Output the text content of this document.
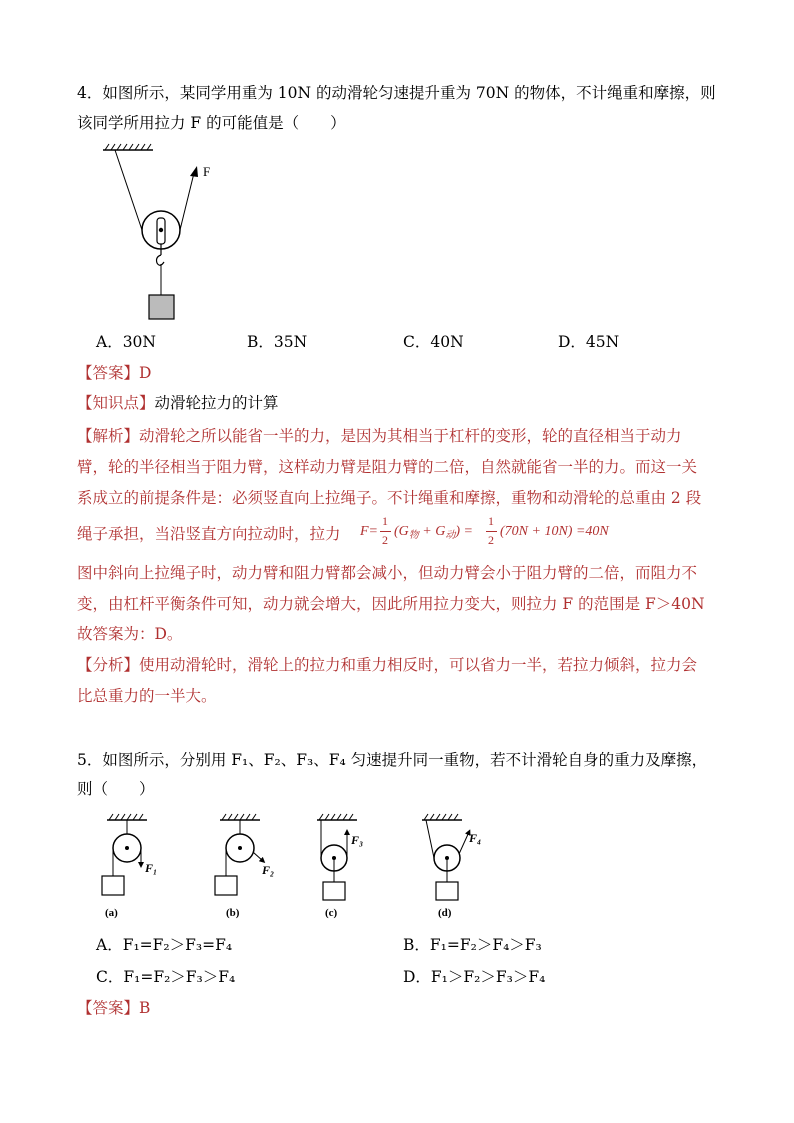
4．如图所示，某同学用重为 10N 的动滑轮匀速提升重为 70N 的物体，不计绳重和摩擦，则
该同学所用拉力 F 的可能值是（　　）
F
A．30N	B．35N	C．40N	D．45N
【答案】D
【知识点】动滑轮拉力的计算
【解析】动滑轮之所以能省一半的力，是因为其相当于杠杆的变形，轮的直径相当于动力
臂，轮的半径相当于阻力臂，这样动力臂是阻力臂的二倍，自然就能省一半的力。而这一关
系成立的前提条件是：必须竖直向上拉绳子。不计绳重和摩擦，重物和动滑轮的总重由 2 段
绳子承担，当沿竖直方向拉动时，拉力 F=
1
2
$(G_物 + G_动)$ =
1
2
(70N + 10N) =40N
图中斜向上拉绳子时，动力臂和阻力臂都会减小，但动力臂会小于阻力臂的二倍，而阻力不
变，由杠杆平衡条件可知，动力就会增大，因此所用拉力变大，则拉力 F 的范围是 F＞40N
故答案为：D。
【分析】使用动滑轮时，滑轮上的拉力和重力相反时，可以省力一半，若拉力倾斜，拉力会
比总重力的一半大。
5．如图所示，分别用 F₁、F₂、F₃、F₄ 匀速提升同一重物，若不计滑轮自身的重力及摩擦，
则（　　）
F₁
(a)
F₂
(b)
F₃
(c)
F₄
(d)
A．F₁=F₂＞F₃=F₄	B．F₁=F₂＞F₄＞F₃
C．F₁=F₂＞F₃＞F₄	D．F₁＞F₂＞F₃＞F₄
【答案】B
